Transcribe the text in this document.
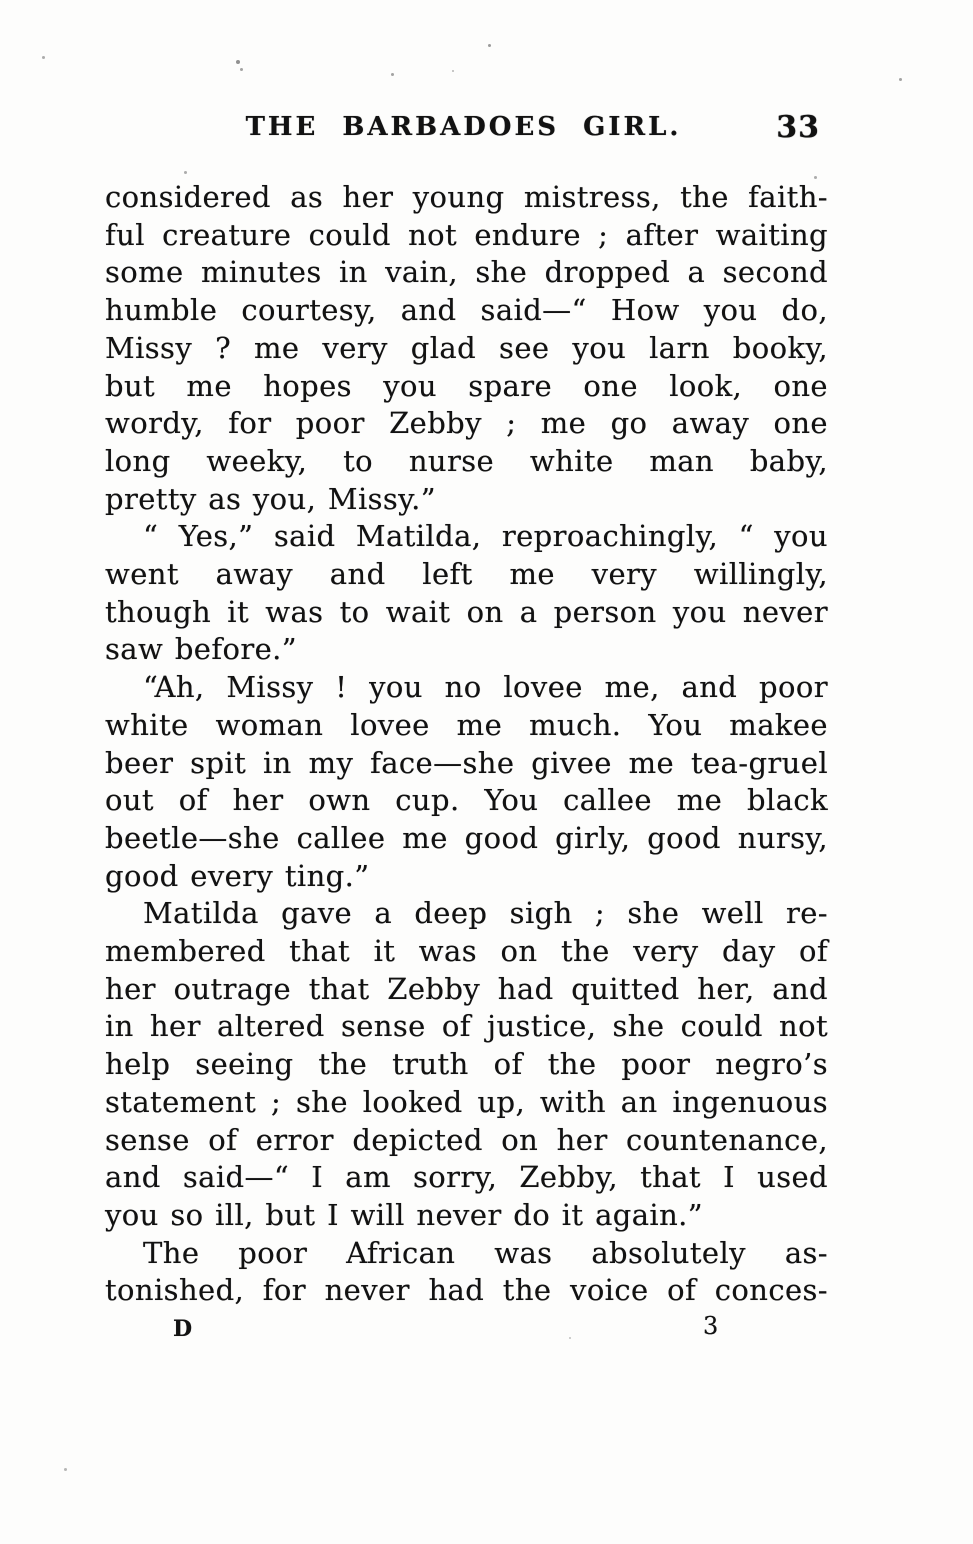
THE BARBADOES GIRL.	33
considered as her young mistress, the faith-
ful creature could not endure ; after waiting
some minutes in vain, she dropped a second
humble courtesy, and said—“ How you do,
Missy ? me very glad see you larn booky,
but me hopes you spare one look, one
wordy, for poor Zebby ; me go away one
long weeky, to nurse white man baby,
pretty as you, Missy.”
“ Yes,” said Matilda, reproachingly, “ you
went away and left me very willingly,
though it was to wait on a person you never
saw before.”
“Ah, Missy ! you no lovee me, and poor
white woman lovee me much. You makee
beer spit in my face—she givee me tea-gruel
out of her own cup. You callee me black
beetle—she callee me good girly, good nursy,
good every ting.”
Matilda gave a deep sigh ; she well re-
membered that it was on the very day of
her outrage that Zebby had quitted her, and
in her altered sense of justice, she could not
help seeing the truth of the poor negro’s
statement ; she looked up, with an ingenuous
sense of error depicted on her countenance,
and said—“ I am sorry, Zebby, that I used
you so ill, but I will never do it again.”
The poor African was absolutely as-
tonished, for never had the voice of conces-
D	3
